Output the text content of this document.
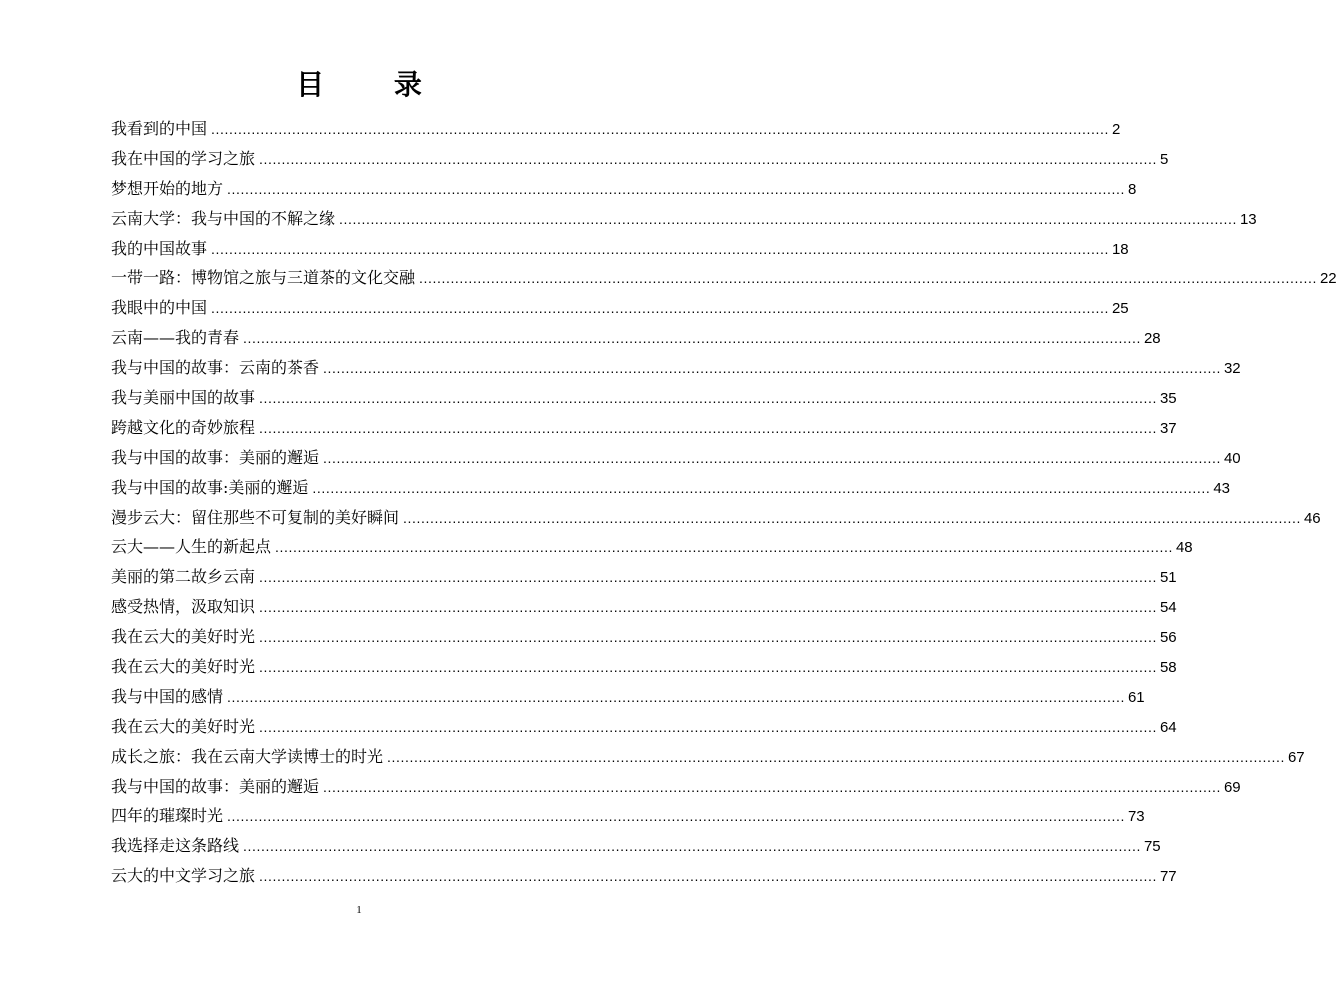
目 录
我看到的中国 ........................................................................................................................................................................................................ 2
我在中国的学习之旅 ........................................................................................................................................................................................................ 5
梦想开始的地方 ........................................................................................................................................................................................................ 8
云南大学：我与中国的不解之缘 ........................................................................................................................................................................................................ 13
我的中国故事 ........................................................................................................................................................................................................ 18
一带一路：博物馆之旅与三道茶的文化交融 ........................................................................................................................................................................................................ 22
我眼中的中国 ........................................................................................................................................................................................................ 25
云南——我的青春 ........................................................................................................................................................................................................ 28
我与中国的故事：云南的茶香 ........................................................................................................................................................................................................ 32
我与美丽中国的故事 ........................................................................................................................................................................................................ 35
跨越文化的奇妙旅程 ........................................................................................................................................................................................................ 37
我与中国的故事：美丽的邂逅 ........................................................................................................................................................................................................ 40
我与中国的故事:美丽的邂逅 ........................................................................................................................................................................................................ 43
漫步云大：留住那些不可复制的美好瞬间 ........................................................................................................................................................................................................ 46
云大——人生的新起点 ........................................................................................................................................................................................................ 48
美丽的第二故乡云南 ........................................................................................................................................................................................................ 51
感受热情，汲取知识 ........................................................................................................................................................................................................ 54
我在云大的美好时光 ........................................................................................................................................................................................................ 56
我在云大的美好时光 ........................................................................................................................................................................................................ 58
我与中国的感情 ........................................................................................................................................................................................................ 61
我在云大的美好时光 ........................................................................................................................................................................................................ 64
成长之旅：我在云南大学读博士的时光 ........................................................................................................................................................................................................ 67
我与中国的故事：美丽的邂逅 ........................................................................................................................................................................................................ 69
四年的璀璨时光 ........................................................................................................................................................................................................ 73
我选择走这条路线 ........................................................................................................................................................................................................ 75
云大的中文学习之旅 ........................................................................................................................................................................................................ 77
1
